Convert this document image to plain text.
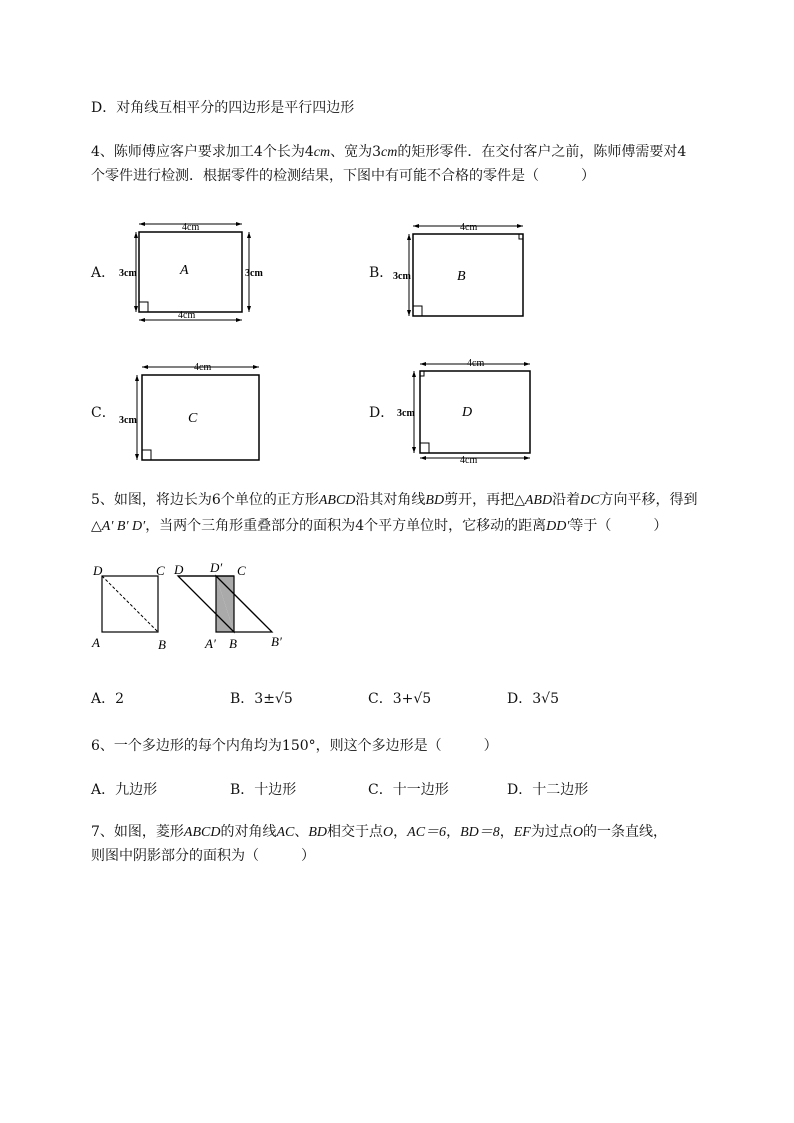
D．对角线互相平分的四边形是平行四边形
4、陈师傅应客户要求加工4个长为4cm、宽为3cm的矩形零件．在交付客户之前，陈师傅需要对4
个零件进行检测．根据零件的检测结果，下图中有可能不合格的零件是（　　　）
A．
4cm
4cm
3cm	3cm
A	B．
4cm
3cm	B
C．
4cm
3cm	C	D．
4cm
4cm
3cm	D
5、如图，将边长为6个单位的正方形ABCD沿其对角线BD剪开，再把△ABD沿着DC方向平移，得到
△A′ B′ D′，当两个三角形重叠部分的面积为4个平方单位时，它移动的距离DD′等于（　　　）
D	C
A	B
D D′ C
A′ B	B′
A．2	B．3±√5	C．3+√5	D．3√5
6、一个多边形的每个内角均为150°，则这个多边形是（　　　）
A．九边形	B．十边形	C．十一边形	D．十二边形
7、如图，菱形ABCD的对角线AC、BD相交于点O，AC＝6，BD＝8，EF为过点O的一条直线，
则图中阴影部分的面积为（　　　）
